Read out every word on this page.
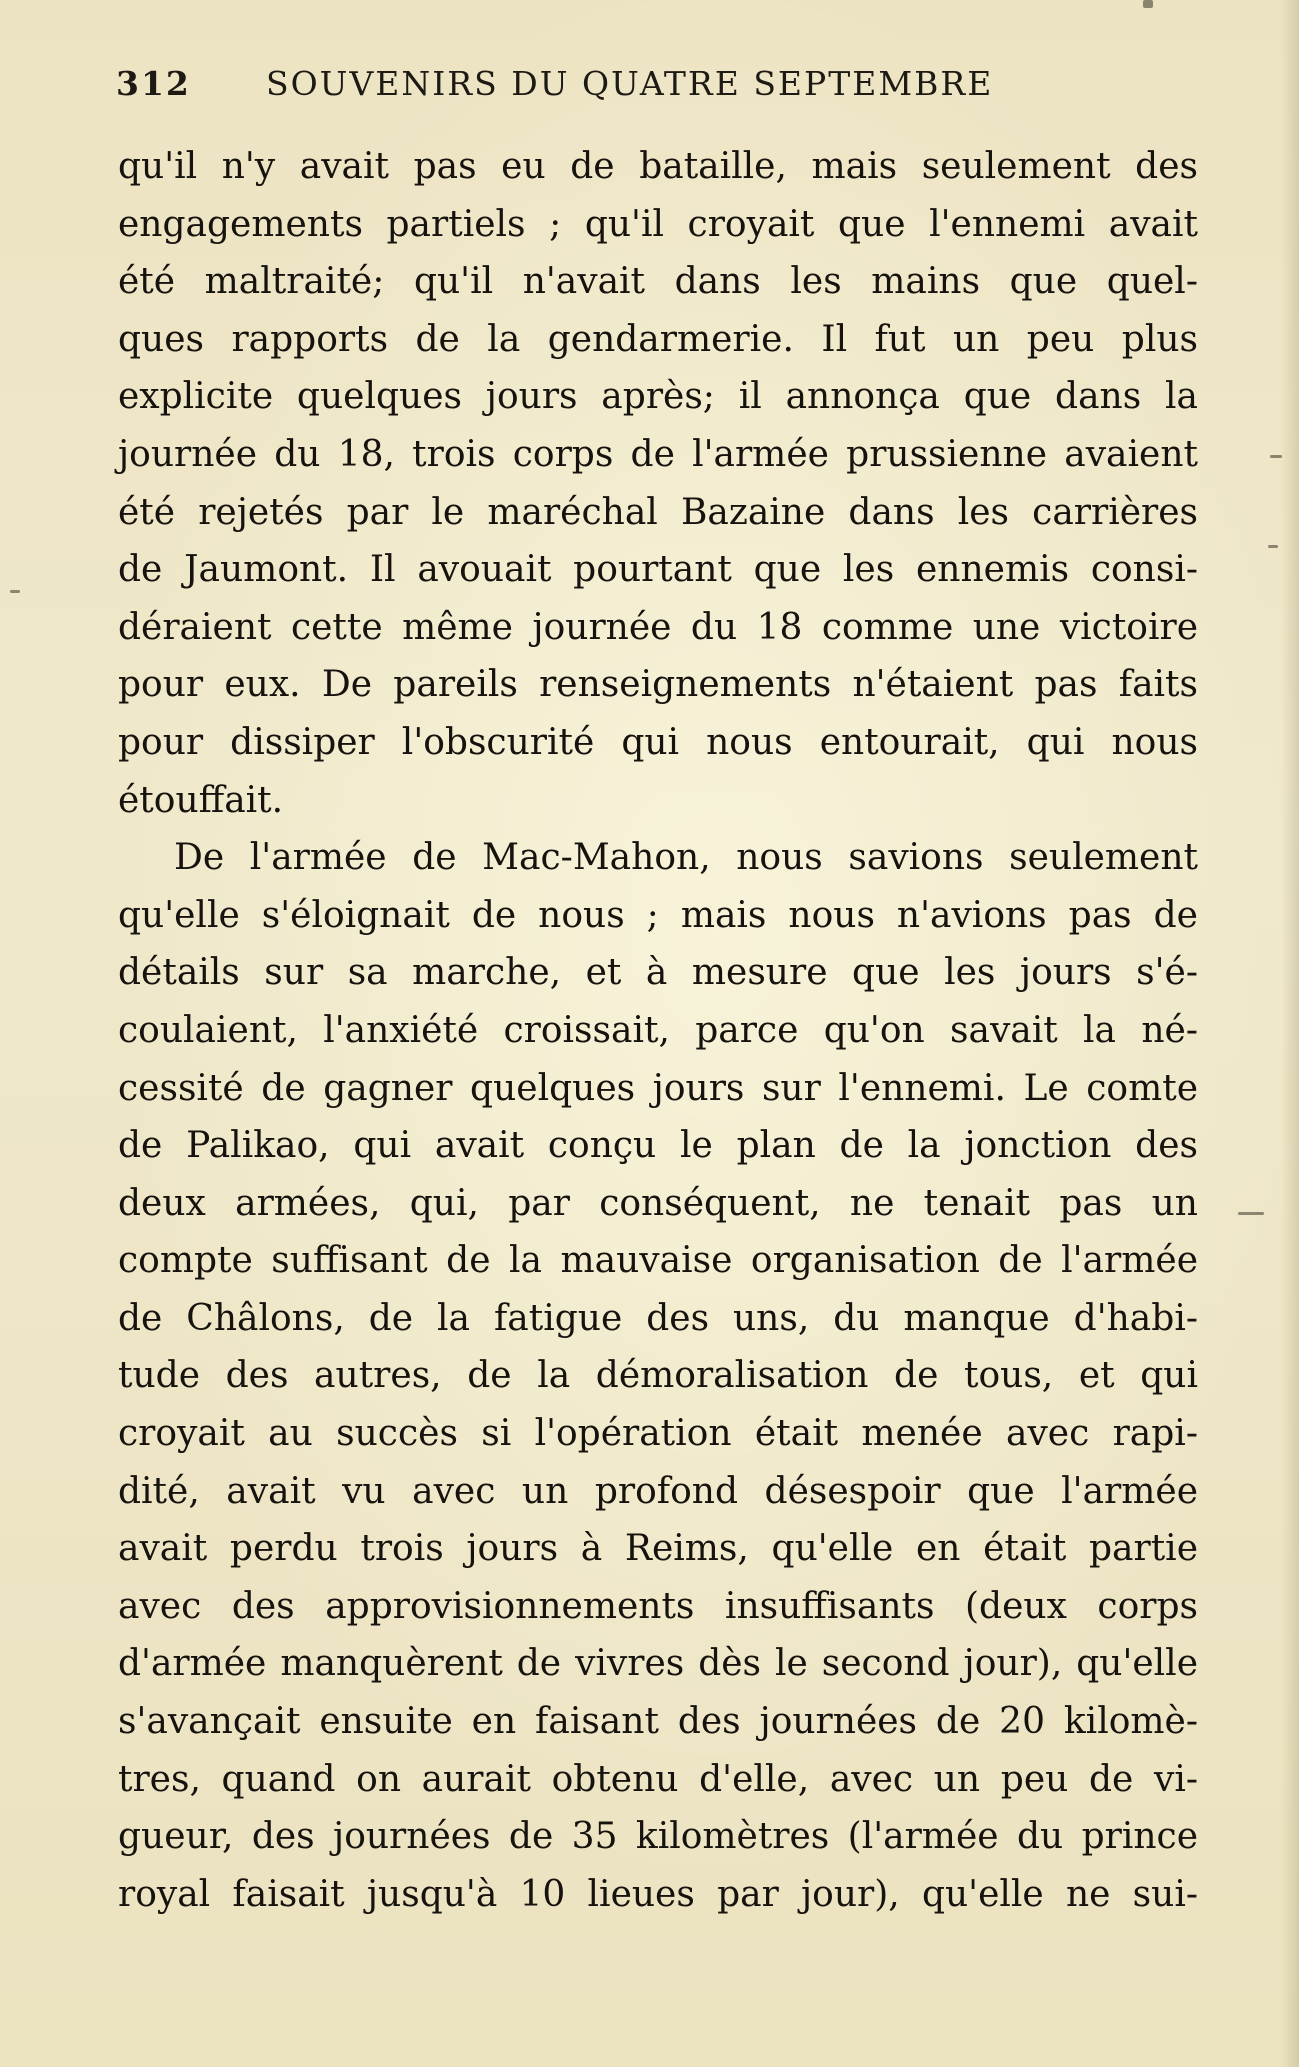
312 SOUVENIRS DU QUATRE SEPTEMBRE
qu'il n'y avait pas eu de bataille, mais seulement des
engagements partiels ; qu'il croyait que l'ennemi avait
été maltraité; qu'il n'avait dans les mains que quel-
ques rapports de la gendarmerie. Il fut un peu plus
explicite quelques jours après; il annonça que dans la
journée du 18, trois corps de l'armée prussienne avaient
été rejetés par le maréchal Bazaine dans les carrières
de Jaumont. Il avouait pourtant que les ennemis consi-
déraient cette même journée du 18 comme une victoire
pour eux. De pareils renseignements n'étaient pas faits
pour dissiper l'obscurité qui nous entourait, qui nous
étouffait.
De l'armée de Mac-Mahon, nous savions seulement
qu'elle s'éloignait de nous ; mais nous n'avions pas de
détails sur sa marche, et à mesure que les jours s'é-
coulaient, l'anxiété croissait, parce qu'on savait la né-
cessité de gagner quelques jours sur l'ennemi. Le comte
de Palikao, qui avait conçu le plan de la jonction des
deux armées, qui, par conséquent, ne tenait pas un
compte suffisant de la mauvaise organisation de l'armée
de Châlons, de la fatigue des uns, du manque d'habi-
tude des autres, de la démoralisation de tous, et qui
croyait au succès si l'opération était menée avec rapi-
dité, avait vu avec un profond désespoir que l'armée
avait perdu trois jours à Reims, qu'elle en était partie
avec des approvisionnements insuffisants (deux corps
d'armée manquèrent de vivres dès le second jour), qu'elle
s'avançait ensuite en faisant des journées de 20 kilomè-
tres, quand on aurait obtenu d'elle, avec un peu de vi-
gueur, des journées de 35 kilomètres (l'armée du prince
royal faisait jusqu'à 10 lieues par jour), qu'elle ne sui-
